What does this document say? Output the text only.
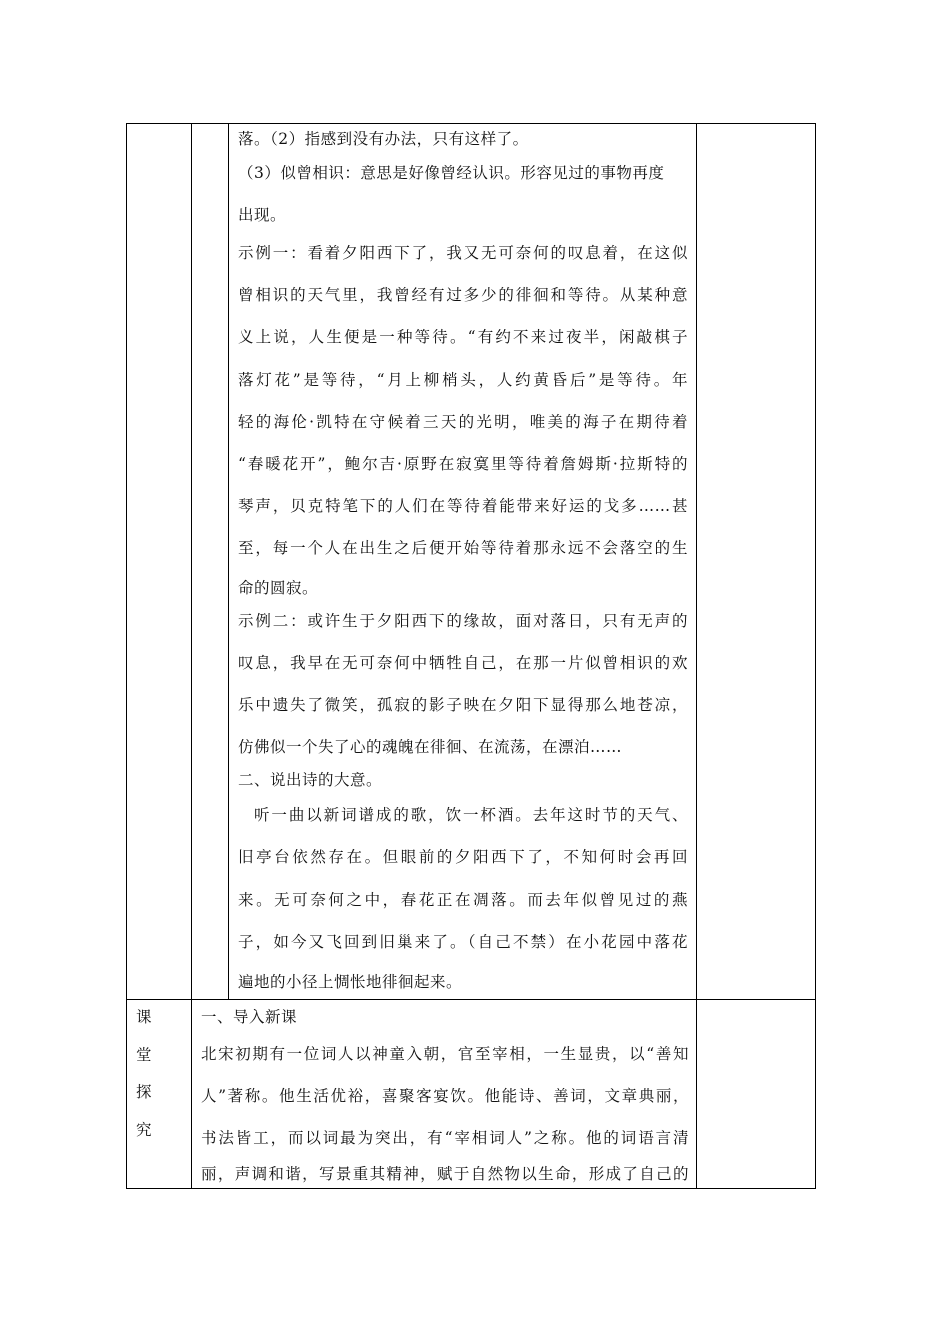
落。（2）指感到没有办法，只有这样了。
（3）似曾相识：意思是好像曾经认识。形容见过的事物再度
出现。
示例一：看着夕阳西下了，我又无可奈何的叹息着，在这似
曾相识的天气里，我曾经有过多少的徘徊和等待。从某种意
义上说，人生便是一种等待。“有约不来过夜半，闲敲棋子
落灯花”是等待，“月上柳梢头，人约黄昏后”是等待。年
轻的海伦·凯特在守候着三天的光明，唯美的海子在期待着
“春暖花开”，鲍尔吉·原野在寂寞里等待着詹姆斯·拉斯特的
琴声，贝克特笔下的人们在等待着能带来好运的戈多……甚
至，每一个人在出生之后便开始等待着那永远不会落空的生
命的圆寂。
示例二：或许生于夕阳西下的缘故，面对落日，只有无声的
叹息，我早在无可奈何中牺牲自己，在那一片似曾相识的欢
乐中遗失了微笑，孤寂的影子映在夕阳下显得那么地苍凉，
仿佛似一个失了心的魂魄在徘徊、在流荡，在漂泊……
二、说出诗的大意。
听一曲以新词谱成的歌，饮一杯酒。去年这时节的天气、
旧亭台依然存在。但眼前的夕阳西下了，不知何时会再回
来。无可奈何之中，春花正在凋落。而去年似曾见过的燕
子，如今又飞回到旧巢来了。（自己不禁）在小花园中落花
遍地的小径上惆怅地徘徊起来。
课
堂
探
究
一、导入新课
北宋初期有一位词人以神童入朝，官至宰相，一生显贵，以“善知
人”著称。他生活优裕，喜聚客宴饮。他能诗、善词，文章典丽，
书法皆工，而以词最为突出，有“宰相词人”之称。他的词语言清
丽，声调和谐，写景重其精神，赋于自然物以生命，形成了自己的
